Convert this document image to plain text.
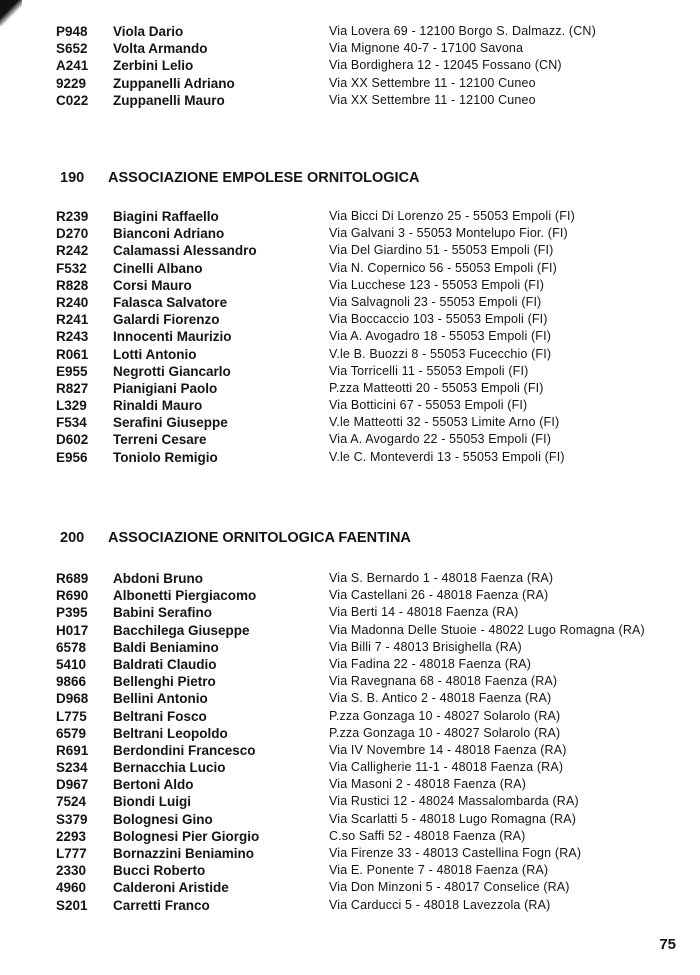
P948	Viola Dario	Via Lovera 69 - 12100 Borgo S. Dalmazz. (CN)
S652	Volta Armando	Via Mignone 40-7 - 17100 Savona
A241	Zerbini Lelio	Via Bordighera 12 - 12045 Fossano (CN)
9229	Zuppanelli Adriano	Via XX Settembre 11 - 12100 Cuneo
C022	Zuppanelli Mauro	Via XX Settembre 11 - 12100 Cuneo
190 ASSOCIAZIONE EMPOLESE ORNITOLOGICA
R239	Biagini Raffaello	Via Bicci Di Lorenzo 25 - 55053 Empoli (FI)
D270	Bianconi Adriano	Via Galvani 3 - 55053 Montelupo Fior. (FI)
R242	Calamassi Alessandro	Via Del Giardino 51 - 55053 Empoli (FI)
F532	Cinelli Albano	Via N. Copernico 56 - 55053 Empoli (FI)
R828	Corsi Mauro	Via Lucchese 123 - 55053 Empoli (FI)
R240	Falasca Salvatore	Via Salvagnoli 23 - 55053 Empoli (FI)
R241	Galardi Fiorenzo	Via Boccaccio 103 - 55053 Empoli (FI)
R243	Innocenti Maurizio	Via A. Avogadro 18 - 55053 Empoli (FI)
R061	Lotti Antonio	V.le B. Buozzi 8 - 55053 Fucecchio (FI)
E955	Negrotti Giancarlo	Via Torricelli 11 - 55053 Empoli (FI)
R827	Pianigiani Paolo	P.zza Matteotti 20 - 55053 Empoli (FI)
L329	Rinaldi Mauro	Via Botticini 67 - 55053 Empoli (FI)
F534	Serafini Giuseppe	V.le Matteotti 32 - 55053 Limite Arno (FI)
D602	Terreni Cesare	Via A. Avogardo 22 - 55053 Empoli (FI)
E956	Toniolo Remigio	V.le C. Monteverdi 13 - 55053 Empoli (FI)
200 ASSOCIAZIONE ORNITOLOGICA FAENTINA
R689	Abdoni Bruno	Via S. Bernardo 1 - 48018 Faenza (RA)
R690	Albonetti Piergiacomo	Via Castellani 26 - 48018 Faenza (RA)
P395	Babini Serafino	Via Berti 14 - 48018 Faenza (RA)
H017	Bacchilega Giuseppe	Via Madonna Delle Stuoie - 48022 Lugo Romagna (RA)
6578	Baldi Beniamino	Via Billi 7 - 48013 Brisighella (RA)
5410	Baldrati Claudio	Via Fadina 22 - 48018 Faenza (RA)
9866	Bellenghi Pietro	Via Ravegnana 68 - 48018 Faenza (RA)
D968	Bellini Antonio	Via S. B. Antico 2 - 48018 Faenza (RA)
L775	Beltrani Fosco	P.zza Gonzaga 10 - 48027 Solarolo (RA)
6579	Beltrani Leopoldo	P.zza Gonzaga 10 - 48027 Solarolo (RA)
R691	Berdondini Francesco	Via IV Novembre 14 - 48018 Faenza (RA)
S234	Bernacchia Lucio	Via Calligherie 11-1 - 48018 Faenza (RA)
D967	Bertoni Aldo	Via Masoni 2 - 48018 Faenza (RA)
7524	Biondi Luigi	Via Rustici 12 - 48024 Massalombarda (RA)
S379	Bolognesi Gino	Via Scarlatti 5 - 48018 Lugo Romagna (RA)
2293	Bolognesi Pier Giorgio	C.so Saffi 52 - 48018 Faenza (RA)
L777	Bornazzini Beniamino	Via Firenze 33 - 48013 Castellina Fogn (RA)
2330	Bucci Roberto	Via E. Ponente 7 - 48018 Faenza (RA)
4960	Calderoni Aristide	Via Don Minzoni 5 - 48017 Conselice (RA)
S201	Carretti Franco	Via Carducci 5 - 48018 Lavezzola (RA)
75
